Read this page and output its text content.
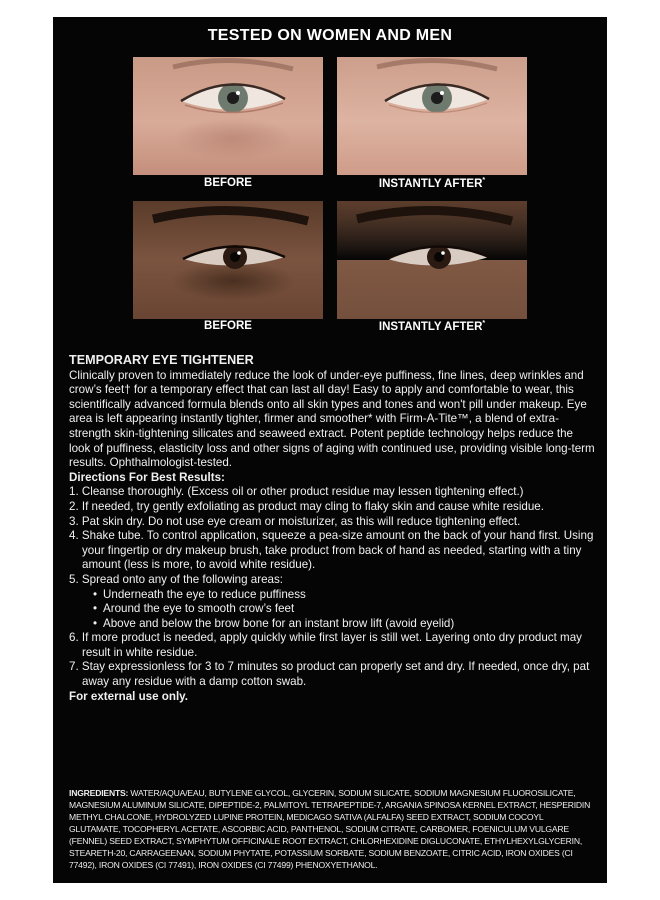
TESTED ON WOMEN AND MEN
BEFORE	INSTANTLY AFTER*
BEFORE	INSTANTLY AFTER*
TEMPORARY EYE TIGHTENER

Clinically proven to immediately reduce the look of under-eye puffiness, fine lines, deep wrinkles and crow’s feet† for a temporary effect that can last all day! Easy to apply and comfortable to wear, this scientifically advanced formula blends onto all skin types and tones and won't pill under makeup. Eye area is left appearing instantly tighter, firmer and smoother* with Firm-A-Tite™, a blend of extra-strength skin-tightening silicates and seaweed extract. Potent peptide technology helps reduce the look of puffiness, elasticity loss and other signs of aging with continued use, providing visible long-term results. Ophthalmologist-tested.

Directions For Best Results:
1. Cleanse thoroughly. (Excess oil or other product residue may lessen tightening effect.)
2. If needed, try gently exfoliating as product may cling to flaky skin and cause white residue.
3. Pat skin dry. Do not use eye cream or moisturizer, as this will reduce tightening effect.
4. Shake tube. To control application, squeeze a pea-size amount on the back of your hand first. Using your fingertip or dry makeup brush, take product from back of hand as needed, starting with a tiny amount (less is more, to avoid white residue).
5. Spread onto any of the following areas:
• Underneath the eye to reduce puffiness
• Around the eye to smooth crow’s feet
• Above and below the brow bone for an instant brow lift (avoid eyelid)
6. If more product is needed, apply quickly while first layer is still wet. Layering onto dry product may result in white residue.
7. Stay expressionless for 3 to 7 minutes so product can properly set and dry. If needed, once dry, pat away any residue with a damp cotton swab.
For external use only.
INGREDIENTS: WATER/AQUA/EAU, BUTYLENE GLYCOL, GLYCERIN, SODIUM SILICATE, SODIUM MAGNESIUM FLUOROSILICATE, MAGNESIUM ALUMINUM SILICATE, DIPEPTIDE-2, PALMITOYL TETRAPEPTIDE-7, ARGANIA SPINOSA KERNEL EXTRACT, HESPERIDIN METHYL CHALCONE, HYDROLYZED LUPINE PROTEIN, MEDICAGO SATIVA (ALFALFA) SEED EXTRACT, SODIUM COCOYL GLUTAMATE, TOCOPHERYL ACETATE, ASCORBIC ACID, PANTHENOL, SODIUM CITRATE, CARBOMER, FOENICULUM VULGARE (FENNEL) SEED EXTRACT, SYMPHYTUM OFFICINALE ROOT EXTRACT, CHLORHEXIDINE DIGLUCONATE, ETHYLHEXYLGLYCERIN, STEARETH-20, CARRAGEENAN, SODIUM PHYTATE, POTASSIUM SORBATE, SODIUM BENZOATE, CITRIC ACID, IRON OXIDES (CI 77492), IRON OXIDES (CI 77491), IRON OXIDES (CI 77499) PHENOXYETHANOL.
